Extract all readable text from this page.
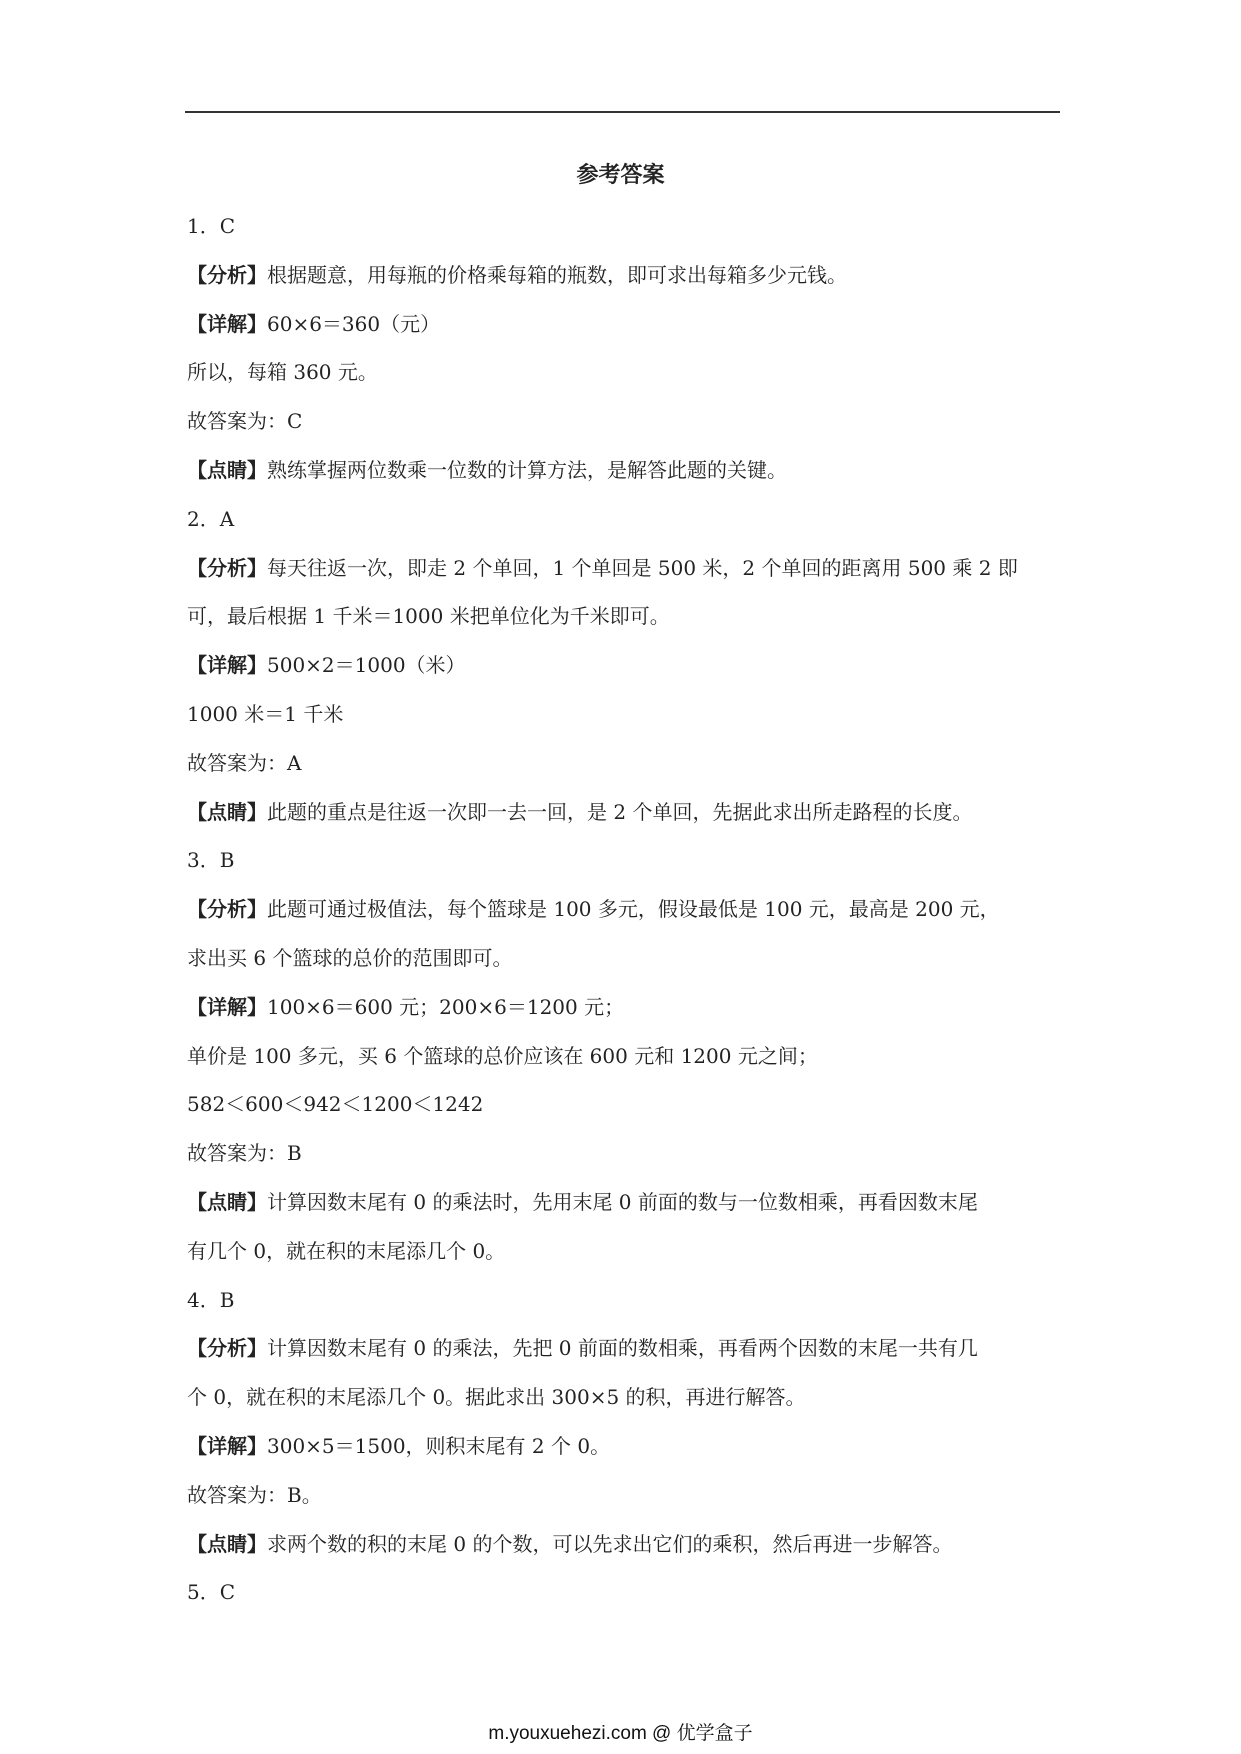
参考答案
1．C
【分析】根据题意，用每瓶的价格乘每箱的瓶数，即可求出每箱多少元钱。
【详解】60×6＝360（元）
所以，每箱 360 元。
故答案为：C
【点睛】熟练掌握两位数乘一位数的计算方法，是解答此题的关键。
2．A
【分析】每天往返一次，即走 2 个单回，1 个单回是 500 米，2 个单回的距离用 500 乘 2 即
可，最后根据 1 千米＝1000 米把单位化为千米即可。
【详解】500×2＝1000（米）
1000 米＝1 千米
故答案为：A
【点睛】此题的重点是往返一次即一去一回，是 2 个单回，先据此求出所走路程的长度。
3．B
【分析】此题可通过极值法，每个篮球是 100 多元，假设最低是 100 元，最高是 200 元，
求出买 6 个篮球的总价的范围即可。
【详解】100×6＝600 元；200×6＝1200 元；
单价是 100 多元，买 6 个篮球的总价应该在 600 元和 1200 元之间；
582＜600＜942＜1200＜1242
故答案为：B
【点睛】计算因数末尾有 0 的乘法时，先用末尾 0 前面的数与一位数相乘，再看因数末尾
有几个 0，就在积的末尾添几个 0。
4．B
【分析】计算因数末尾有 0 的乘法，先把 0 前面的数相乘，再看两个因数的末尾一共有几
个 0，就在积的末尾添几个 0。据此求出 300×5 的积，再进行解答。
【详解】300×5＝1500，则积末尾有 2 个 0。
故答案为：B。
【点睛】求两个数的积的末尾 0 的个数，可以先求出它们的乘积，然后再进一步解答。
5．C
m.youxuehezi.com @ 优学盒子
